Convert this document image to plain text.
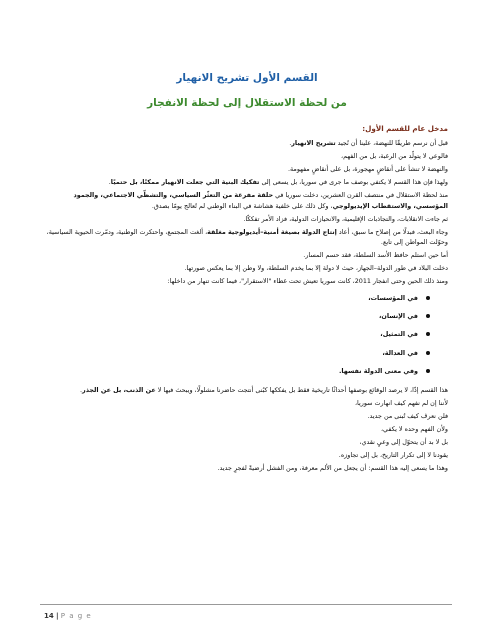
القسم الأول تشريح الانهيار
من لحظة الاستقلال إلى لحظة الانفجار

مدخل عام للقسم الأول:

قبل أن نرسم طريقًا للنهضة، علينا أن نُجيد تشريح الانهيار.

فالوعي لا يتولّد من الرغبة، بل من الفهم،

والنهضة لا تنشأ على أنقاضٍ مهجورة، بل على أنقاضٍ مفهومة.

ولهذا فإن هذا القسم لا يكتفي بوصف ما جرى في سوريا، بل يسعى إلى تفكيك البنية التي جعلت الانهيار ممكنًا، بل حتميًا.

منذ لحظة الاستقلال في منتصف القرن العشرين، دخلت سوريا في حلقة مفرغة من التعثّر السياسي، والتشظّي الاجتماعي، والجمود المؤسسي، والاستقطاب الإيديولوجي، وكل ذلك على خلفية هشاشة في البناء الوطني لم تُعالج يومًا بصدق.

ثم جاءت الانقلابات، والتجاذبات الإقليمية، والانحيازات الدولية، فزاد الأمر تفككًا.

وجاء البعث، فبدلًا من إصلاح ما سبق، أعاد إنتاج الدولة بصيغة أمنية–أيديولوجية مغلقة، ألغت المجتمع، واحتكرت الوطنية، ودمّرت الحيوية السياسية، وحوّلت المواطن إلى تابع.

أما حين استلم حافظ الأسد السلطة، فقد حسم المسار.

دخلت البلاد في طور الدولة–الجهاز، حيث لا دولة إلا بما يخدم السلطة، ولا وطن إلا بما يعكس صورتها.

ومنذ ذلك الحين وحتى انفجار 2011، كانت سوريا تعيش تحت غطاء "الاستقرار"، فيما كانت تنهار من داخلها:

في المؤسسات،
في الإنسان،
في التمثيل،
في العدالة،
وفي معنى الدولة نفسها.

هذا القسم إذًا، لا يرصد الوقائع بوصفها أحداثًا تاريخية فقط بل يفككها كبُنى أنتجت حاضرنا مشلولًا، ويبحث فيها لا عن الذنب، بل عن الجذر.

لأننا إن لم نفهم كيف انهارت سوريا،

فلن نعرف كيف تُبنى من جديد.

ولأن الفهم وحده لا يكفي،

بل لا بد أن يتحوّل إلى وعيٍ نقدي،

يقودنا لا إلى تكرار التاريخ، بل إلى تجاوزه.

وهذا ما يسعى إليه هذا القسم: أن يجعل من الألم معرفة، ومن الفشل أرضيةً لفجرٍ جديد.

14 | P a g e
